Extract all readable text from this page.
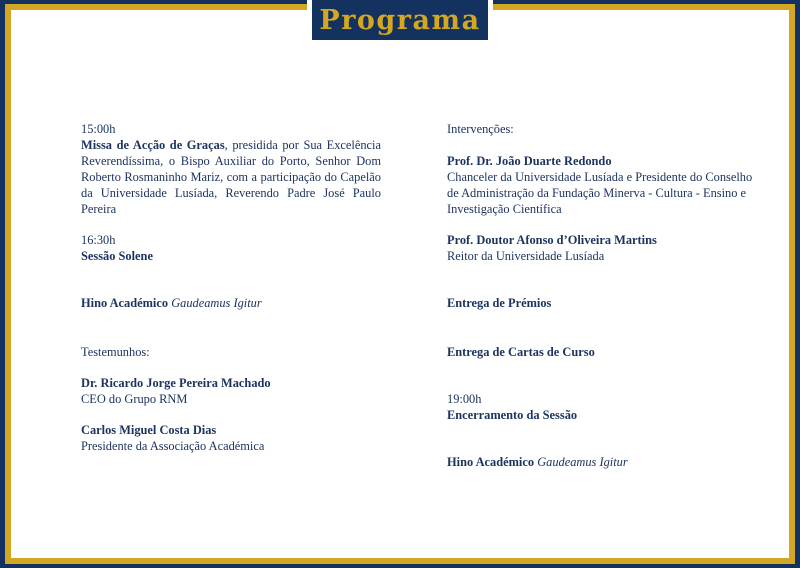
Programa

15:00h

Missa de Acção de Graças, presidida por Sua Excelência Reverendíssima, o Bispo Auxiliar do Porto, Senhor Dom Roberto Rosmaninho Mariz, com a participação do Capelão da Universidade Lusíada, Reverendo Padre José Paulo Pereira

16:30h

Sessão Solene

Hino Académico Gaudeamus Igitur

Testemunhos:

Dr. Ricardo Jorge Pereira Machado

CEO do Grupo RNM

Carlos Miguel Costa Dias

Presidente da Associação Académica

Intervenções:

Prof. Dr. João Duarte Redondo

Chanceler da Universidade Lusíada e Presidente do Conselho de Administração da Fundação Minerva - Cultura - Ensino e Investigação Científica

Prof. Doutor Afonso d’Oliveira Martins

Reitor da Universidade Lusíada

Entrega de Prémios

Entrega de Cartas de Curso

19:00h

Encerramento da Sessão

Hino Académico Gaudeamus Igitur
